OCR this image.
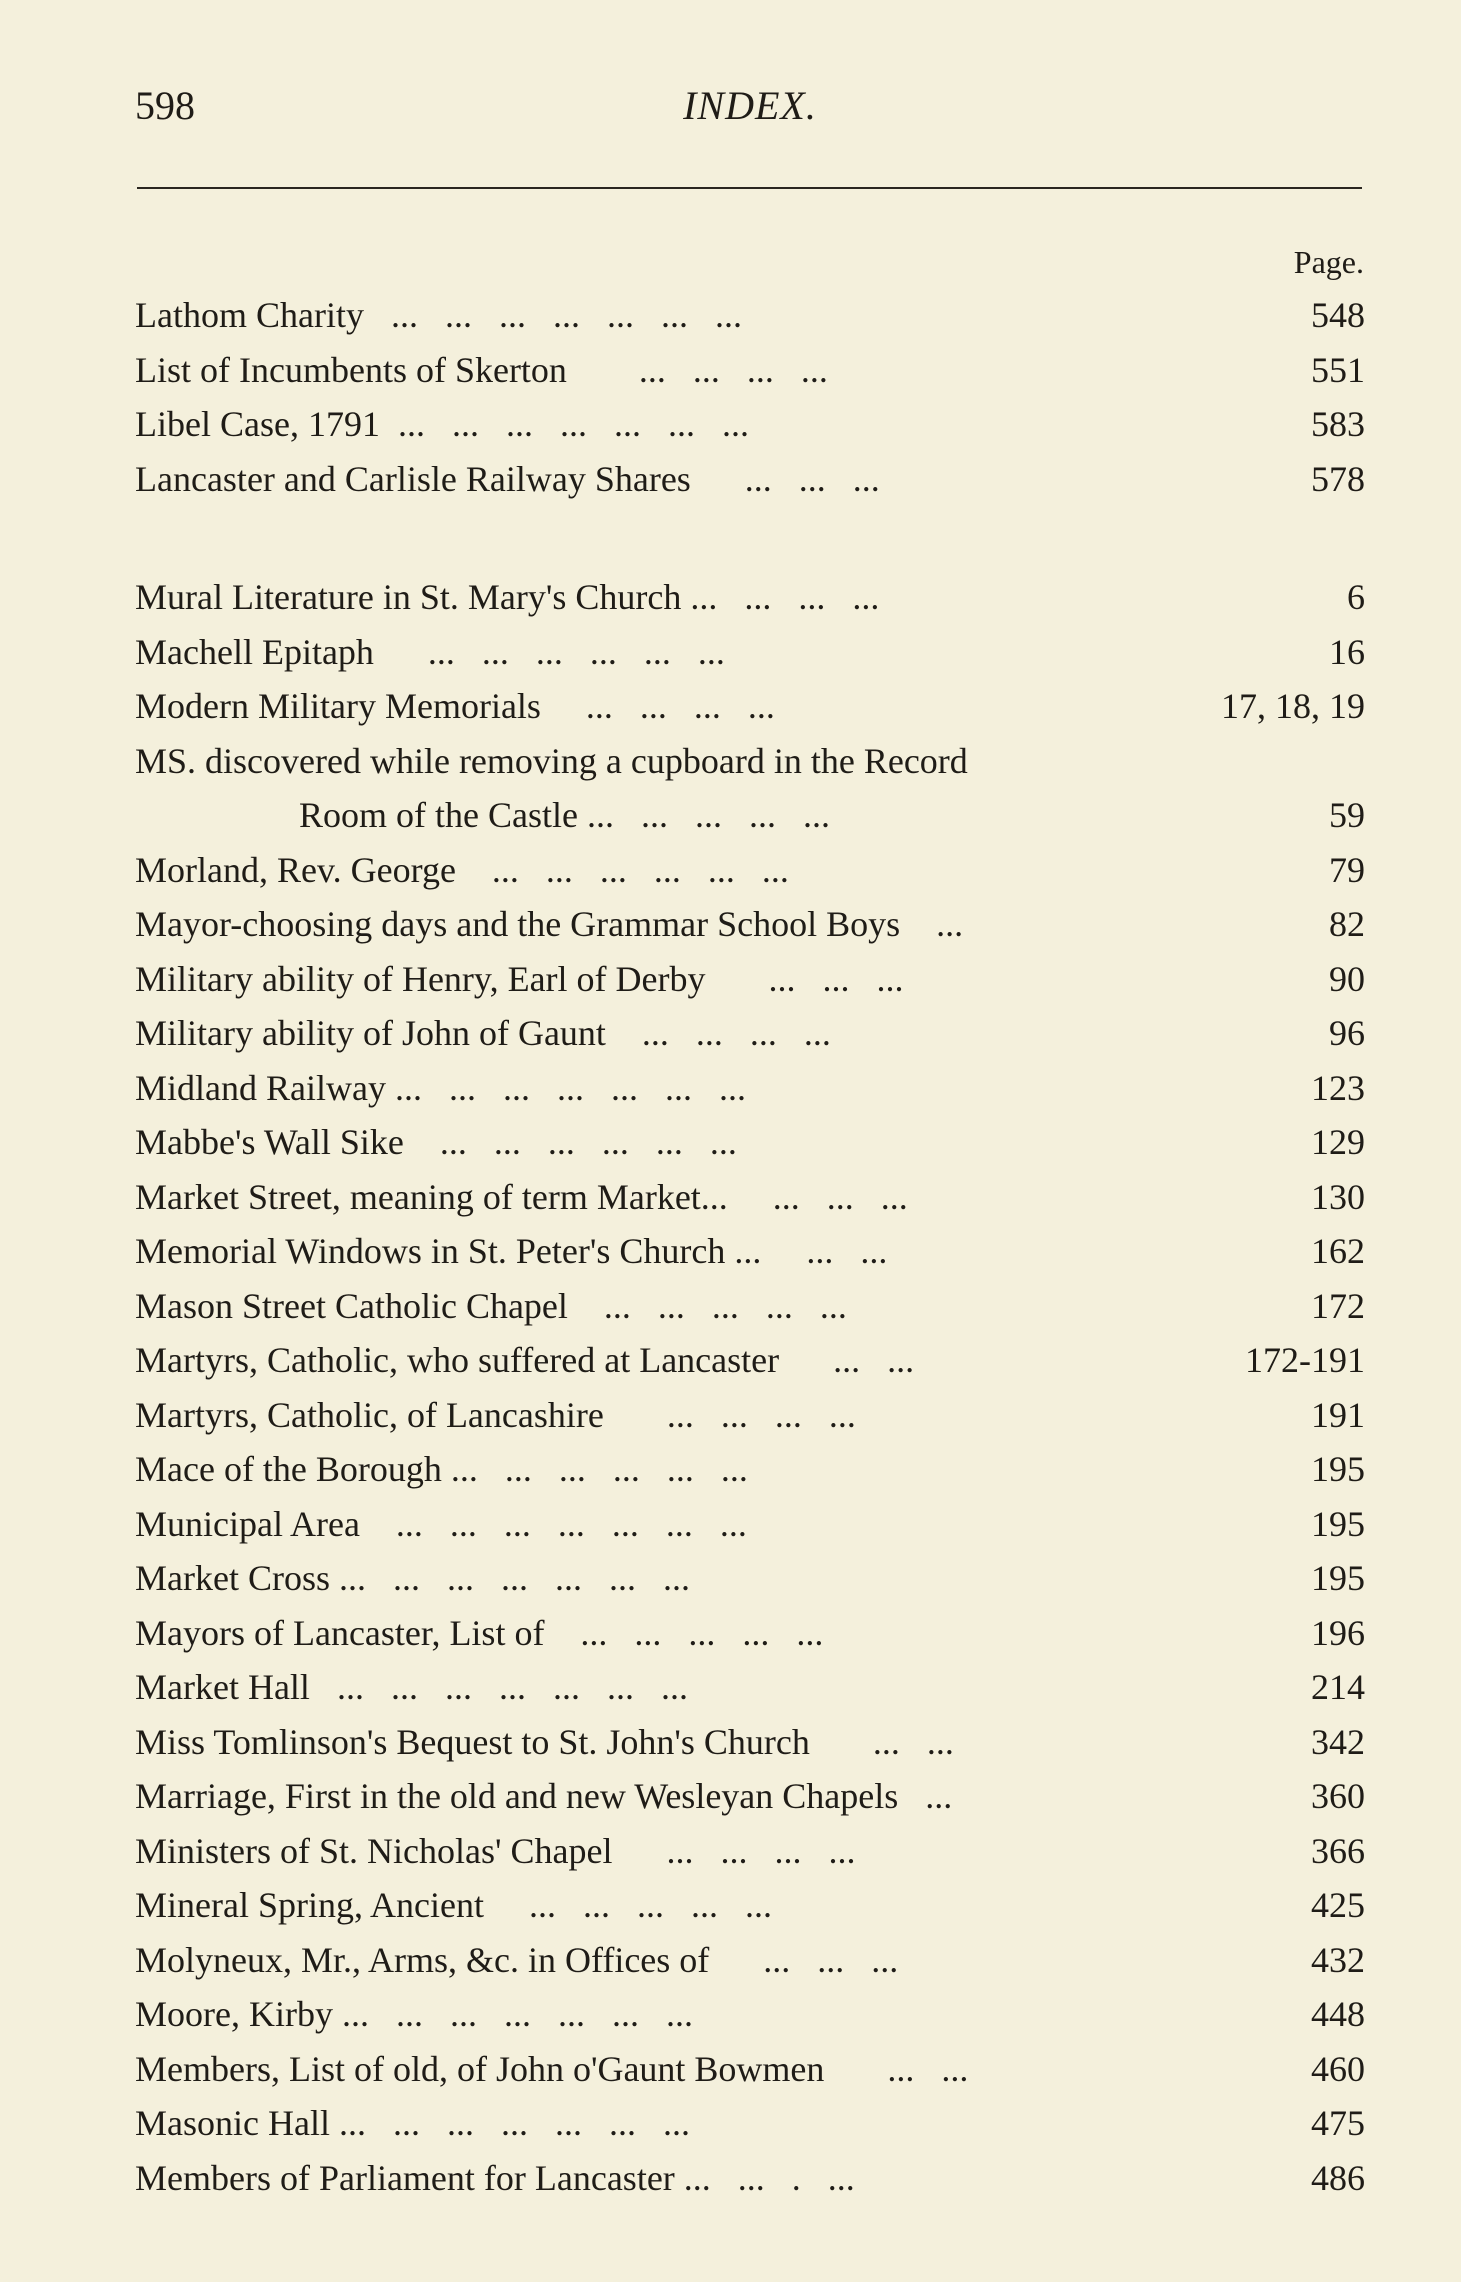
598	INDEX.
Page.
Lathom Charity   ...   ...   ...   ...   ...   ...   ...	548
List of Incumbents of Skerton        ...   ...   ...   ...	551
Libel Case, 1791  ...   ...   ...   ...   ...   ...   ...	583
Lancaster and Carlisle Railway Shares      ...   ...   ...	578
Mural Literature in St. Mary's Church ...   ...   ...   ...	6
Machell Epitaph      ...   ...   ...   ...   ...   ...	16
Modern Military Memorials     ...   ...   ...   ...	17, 18, 19
MS. discovered while removing a cupboard in the Record
Room of the Castle ...   ...   ...   ...   ...	59
Morland, Rev. George    ...   ...   ...   ...   ...   ...	79
Mayor-choosing days and the Grammar School Boys    ...	82
Military ability of Henry, Earl of Derby       ...   ...   ...	90
Military ability of John of Gaunt    ...   ...   ...   ...	96
Midland Railway ...   ...   ...   ...   ...   ...   ...	123
Mabbe's Wall Sike    ...   ...   ...   ...   ...   ...	129
Market Street, meaning of term Market...     ...   ...   ...	130
Memorial Windows in St. Peter's Church ...     ...   ...	162
Mason Street Catholic Chapel    ...   ...   ...   ...   ...	172
Martyrs, Catholic, who suffered at Lancaster      ...   ...	172-191
Martyrs, Catholic, of Lancashire       ...   ...   ...   ...	191
Mace of the Borough ...   ...   ...   ...   ...   ...	195
Municipal Area    ...   ...   ...   ...   ...   ...   ...	195
Market Cross ...   ...   ...   ...   ...   ...   ...	195
Mayors of Lancaster, List of    ...   ...   ...   ...   ...	196
Market Hall   ...   ...   ...   ...   ...   ...   ...	214
Miss Tomlinson's Bequest to St. John's Church       ...   ...	342
Marriage, First in the old and new Wesleyan Chapels   ...	360
Ministers of St. Nicholas' Chapel      ...   ...   ...   ...	366
Mineral Spring, Ancient     ...   ...   ...   ...   ...	425
Molyneux, Mr., Arms, &c. in Offices of      ...   ...   ...	432
Moore, Kirby ...   ...   ...   ...   ...   ...   ...	448
Members, List of old, of John o'Gaunt Bowmen       ...   ...	460
Masonic Hall ...   ...   ...   ...   ...   ...   ...	475
Members of Parliament for Lancaster ...   ...   .   ...	486
